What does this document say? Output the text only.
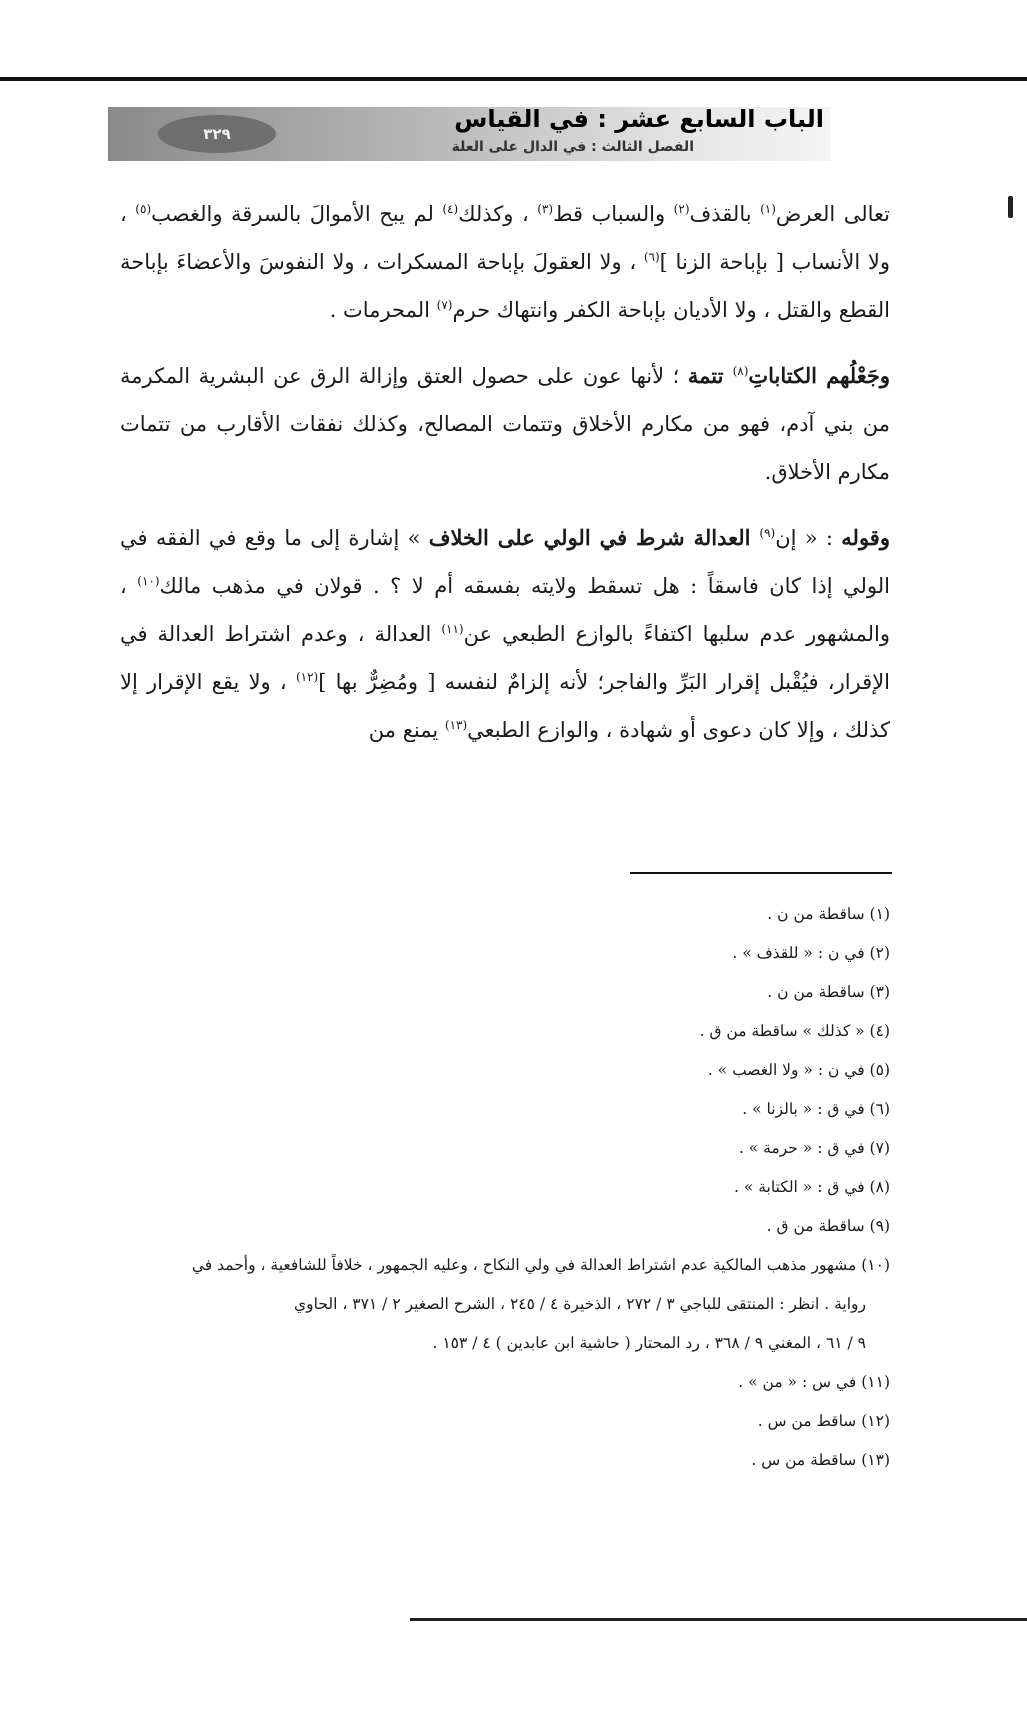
٣٢٩
الباب السابع عشر : في القياس
الفصل الثالث : في الدال على العلة

تعالى العرض$^{(١)}$ بالقذف$^{(٢)}$ والسباب قط$^{(٣)}$ ، وكذلك$^{(٤)}$ لم يبح الأموالَ بالسرقة والغصب$^{(٥)}$ ، ولا الأنساب [ بإباحة الزنا ]$^{(٦)}$ ، ولا العقولَ بإباحة المسكرات ، ولا النفوسَ والأعضاءَ بإباحة القطع والقتل ، ولا الأديان بإباحة الكفر وانتهاك حرم$^{(٧)}$ المحرمات .

وجَعْلُهم الكتاباتِ$^{(٨)}$ تتمة ؛ لأنها عون على حصول العتق وإزالة الرق عن البشرية المكرمة من بني آدم، فهو من مكارم الأخلاق وتتمات المصالح، وكذلك نفقات الأقارب من تتمات مكارم الأخلاق.

وقوله : « إن$^{(٩)}$ العدالة شرط في الولي على الخلاف » إشارة إلى ما وقع في الفقه في الولي إذا كان فاسقاً : هل تسقط ولايته بفسقه أم لا ؟ . قولان في مذهب مالك$^{(١٠)}$ ، والمشهور عدم سلبها اكتفاءً بالوازع الطبعي عن$^{(١١)}$ العدالة ، وعدم اشتراط العدالة في الإقرار، فيُقْبل إقرار البَرِّ والفاجر؛ لأنه إلزامٌ لنفسه [ ومُضِرٌّ بها ]$^{(١٢)}$ ، ولا يقع الإقرار إلا كذلك ، وإلا كان دعوى أو شهادة ، والوازع الطبعي$^{(١٣)}$ يمنع من

(١) ساقطة من ن .

(٢) في ن : « للقذف » .

(٣) ساقطة من ن .

(٤) « كذلك » ساقطة من ق .

(٥) في ن : « ولا الغصب » .

(٦) في ق : « بالزنا » .

(٧) في ق : « حرمة » .

(٨) في ق : « الكتابة » .

(٩) ساقطة من ق .

(١٠) مشهور مذهب المالكية عدم اشتراط العدالة في ولي النكاح ، وعليه الجمهور ، خلافاً للشافعية ، وأحمد في

رواية . انظر : المنتقى للباجي ٣ / ٢٧٢ ، الذخيرة ٤ / ٢٤٥ ، الشرح الصغير ٢ / ٣٧١ ، الحاوي

٩ / ٦١ ، المغني ٩ / ٣٦٨ ، رد المحتار ( حاشية ابن عابدين ) ٤ / ١٥٣ .

(١١) في س : « من » .

(١٢) ساقط من س .

(١٣) ساقطة من س .
